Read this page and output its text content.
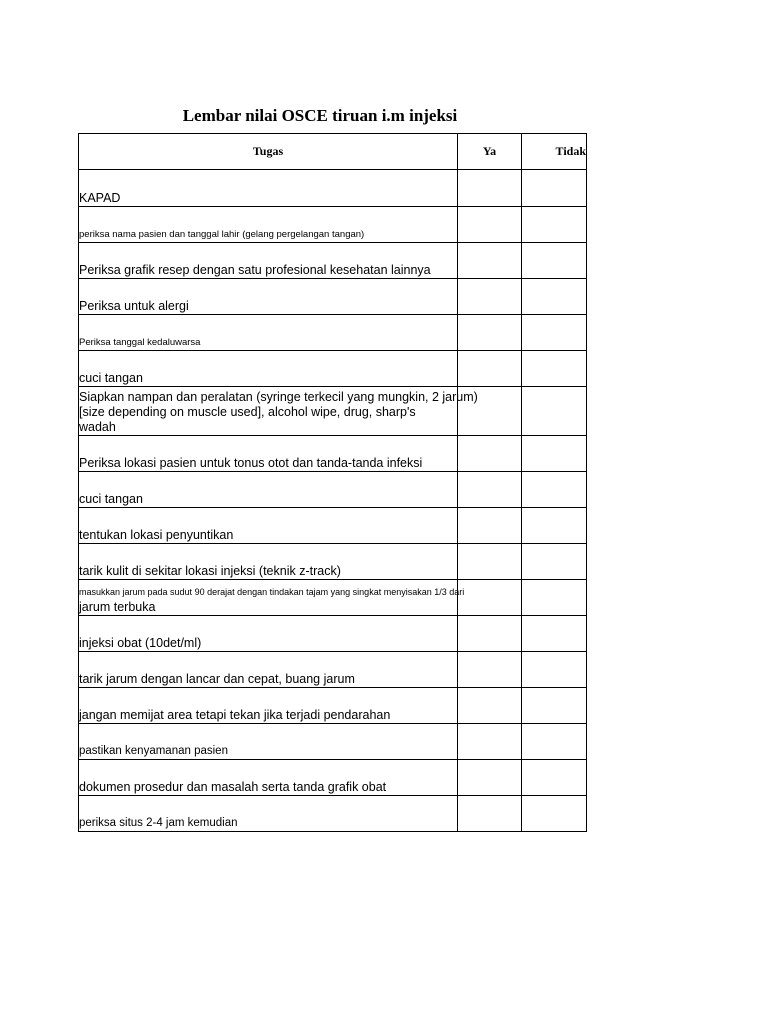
Lembar nilai OSCE tiruan i.m injeksi
Tugas	Ya	Tidak

KAPAD		

periksa nama pasien dan tanggal lahir (gelang pergelangan tangan)		

Periksa grafik resep dengan satu profesional kesehatan lainnya		

Periksa untuk alergi		

Periksa tanggal kedaluwarsa		

cuci tangan		

Siapkan nampan dan peralatan (syringe terkecil yang mungkin, 2 jarum)
[size depending on muscle used], alcohol wipe, drug, sharp's
wadah		

Periksa lokasi pasien untuk tonus otot dan tanda-tanda infeksi		

cuci tangan		

tentukan lokasi penyuntikan		

tarik kulit di sekitar lokasi injeksi (teknik z-track)		

masukkan jarum pada sudut 90 derajat dengan tindakan tajam yang singkat menyisakan 1/3 dari
jarum terbuka		

injeksi obat (10det/ml)		

tarik jarum dengan lancar dan cepat, buang jarum		

jangan memijat area tetapi tekan jika terjadi pendarahan		

pastikan kenyamanan pasien		

dokumen prosedur dan masalah serta tanda grafik obat		

periksa situs 2-4 jam kemudian		
